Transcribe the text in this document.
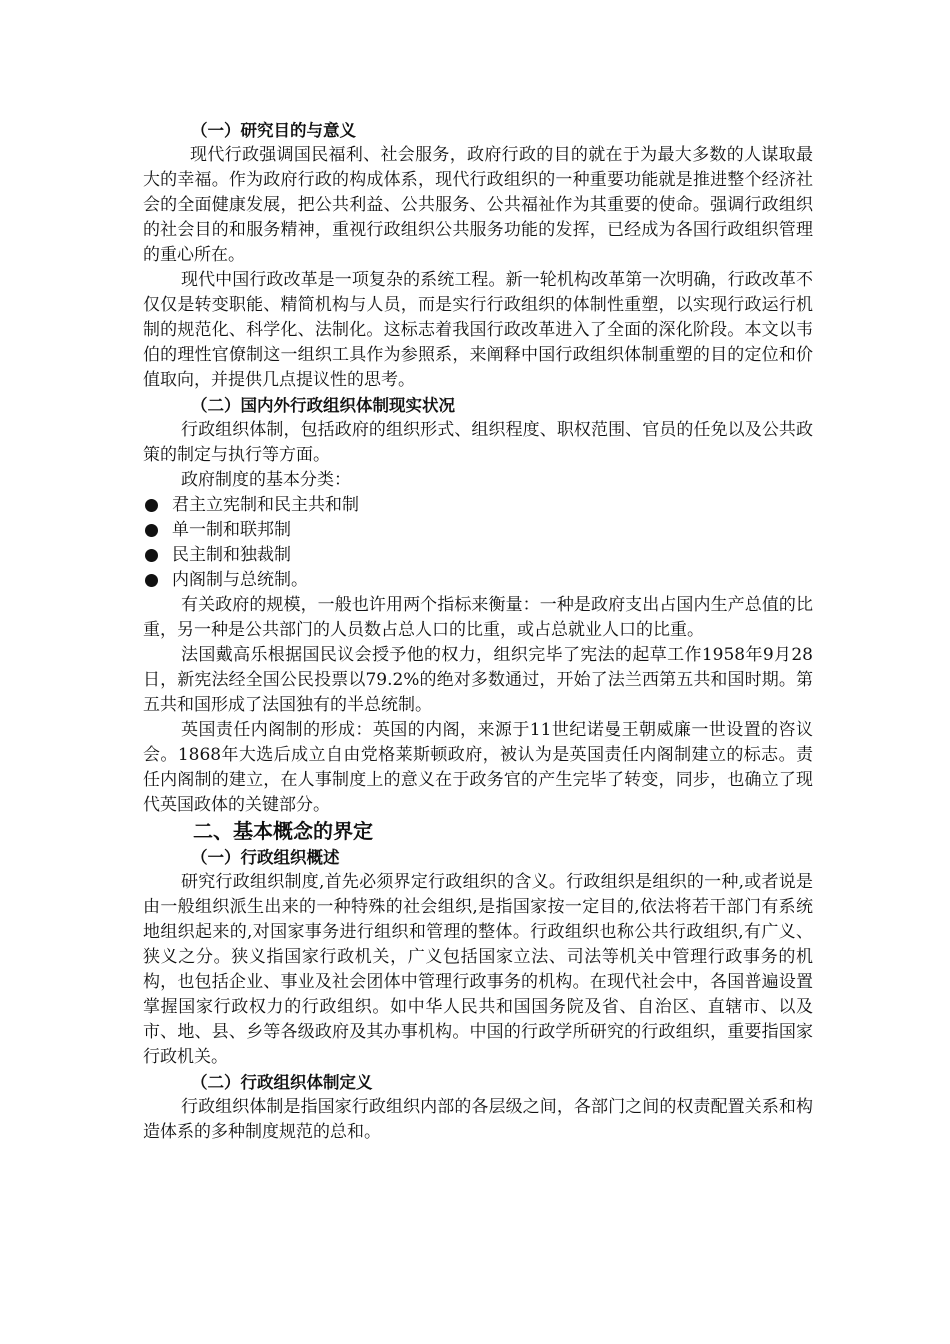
（一）研究目的与意义

现代行政强调国民福利、社会服务，政府行政的目的就在于为最大多数的人谋取最大的幸福。作为政府行政的构成体系，现代行政组织的一种重要功能就是推进整个经济社会的全面健康发展，把公共利益、公共服务、公共福祉作为其重要的使命。强调行政组织的社会目的和服务精神，重视行政组织公共服务功能的发挥，已经成为各国行政组织管理的重心所在。

现代中国行政改革是一项复杂的系统工程。新一轮机构改革第一次明确，行政改革不仅仅是转变职能、精简机构与人员，而是实行行政组织的体制性重塑，以实现行政运行机制的规范化、科学化、法制化。这标志着我国行政改革进入了全面的深化阶段。本文以韦伯的理性官僚制这一组织工具作为参照系，来阐释中国行政组织体制重塑的目的定位和价值取向，并提供几点提议性的思考。

（二）国内外行政组织体制现实状况

行政组织体制，包括政府的组织形式、组织程度、职权范围、官员的任免以及公共政策的制定与执行等方面。

政府制度的基本分类：

君主立宪制和民主共和制
单一制和联邦制
民主制和独裁制
内阁制与总统制。

有关政府的规模，一般也许用两个指标来衡量：一种是政府支出占国内生产总值的比重，另一种是公共部门的人员数占总人口的比重，或占总就业人口的比重。

法国戴高乐根据国民议会授予他的权力，组织完毕了宪法的起草工作1958年9月28日，新宪法经全国公民投票以79.2%的绝对多数通过，开始了法兰西第五共和国时期。第五共和国形成了法国独有的半总统制。

英国责任内阁制的形成：英国的内阁，来源于11世纪诺曼王朝威廉一世设置的咨议会。1868年大选后成立自由党格莱斯顿政府，被认为是英国责任内阁制建立的标志。责任内阁制的建立，在人事制度上的意义在于政务官的产生完毕了转变，同步，也确立了现代英国政体的关键部分。

二、基本概念的界定
（一）行政组织概述

研究行政组织制度,首先必须界定行政组织的含义。行政组织是组织的一种,或者说是由一般组织派生出来的一种特殊的社会组织,是指国家按一定目的,依法将若干部门有系统地组织起来的,对国家事务进行组织和管理的整体。行政组织也称公共行政组织,有广义、狭义之分。狭义指国家行政机关，广义包括国家立法、司法等机关中管理行政事务的机构，也包括企业、事业及社会团体中管理行政事务的机构。在现代社会中，各国普遍设置掌握国家行政权力的行政组织。如中华人民共和国国务院及省、自治区、直辖市、以及市、地、县、乡等各级政府及其办事机构。中国的行政学所研究的行政组织，重要指国家行政机关。

（二）行政组织体制定义

行政组织体制是指国家行政组织内部的各层级之间，各部门之间的权责配置关系和构造体系的多种制度规范的总和。
